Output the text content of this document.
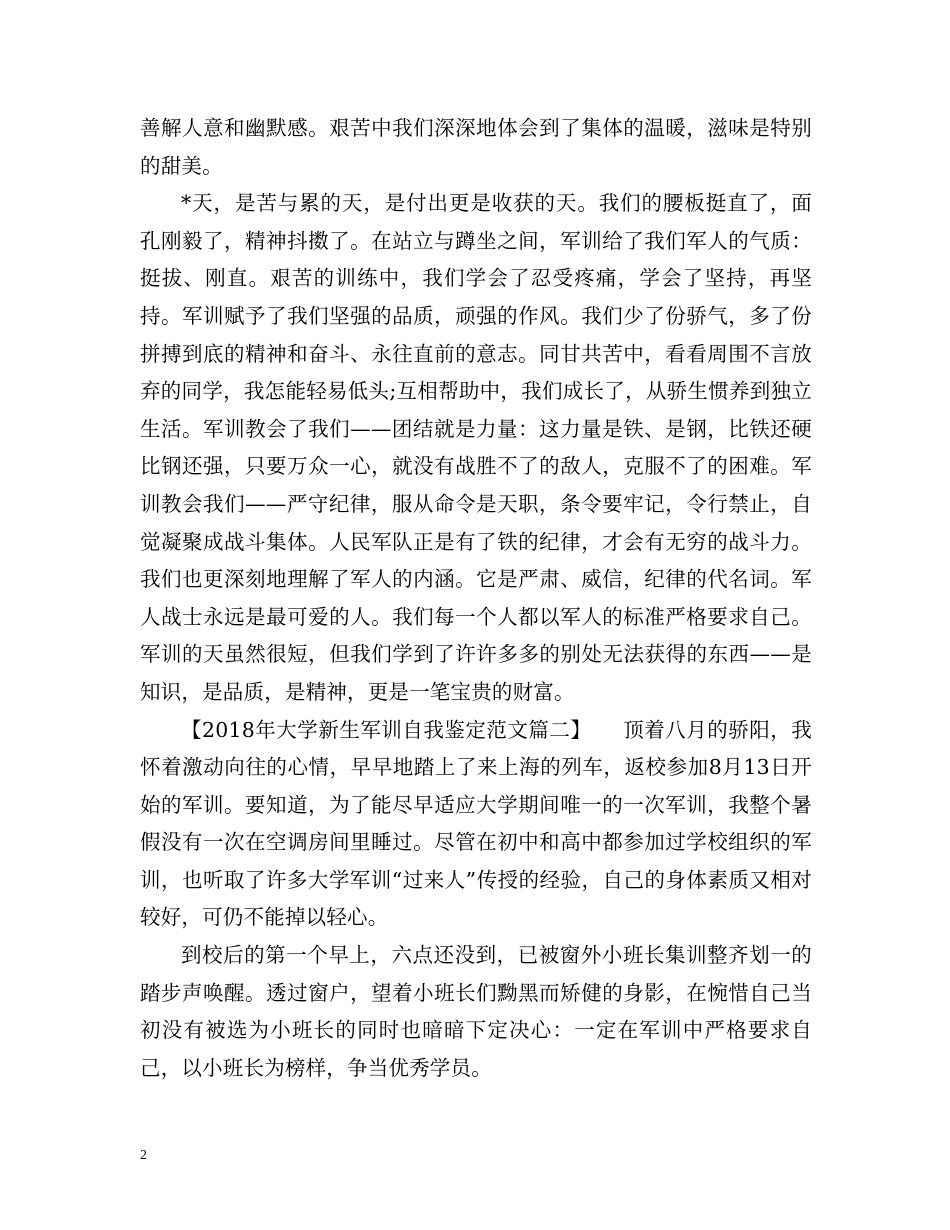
善解人意和幽默感。艰苦中我们深深地体会到了集体的温暖，滋味是特别的甜美。

*天，是苦与累的天，是付出更是收获的天。我们的腰板挺直了，面孔刚毅了，精神抖擞了。在站立与蹲坐之间，军训给了我们军人的气质：挺拔、刚直。艰苦的训练中，我们学会了忍受疼痛，学会了坚持，再坚持。军训赋予了我们坚强的品质，顽强的作风。我们少了份骄气，多了份拼搏到底的精神和奋斗、永往直前的意志。同甘共苦中，看看周围不言放弃的同学，我怎能轻易低头;互相帮助中，我们成长了，从骄生惯养到独立生活。军训教会了我们——团结就是力量：这力量是铁、是钢，比铁还硬比钢还强，只要万众一心，就没有战胜不了的敌人，克服不了的困难。军训教会我们——严守纪律，服从命令是天职，条令要牢记，令行禁止，自觉凝聚成战斗集体。人民军队正是有了铁的纪律，才会有无穷的战斗力。我们也更深刻地理解了军人的内涵。它是严肃、威信，纪律的代名词。军人战士永远是最可爱的人。我们每一个人都以军人的标准严格要求自己。军训的天虽然很短，但我们学到了许许多多的别处无法获得的东西——是知识，是品质，是精神，更是一笔宝贵的财富。

【2018年大学新生军训自我鉴定范文篇二】　　 顶着八月的骄阳，我怀着激动向往的心情，早早地踏上了来上海的列车，返校参加8月13日开始的军训。要知道，为了能尽早适应大学期间唯一的一次军训，我整个暑假没有一次在空调房间里睡过。尽管在初中和高中都参加过学校组织的军训，也听取了许多大学军训“过来人”传授的经验，自己的身体素质又相对较好，可仍不能掉以轻心。

到校后的第一个早上，六点还没到，已被窗外小班长集训整齐划一的踏步声唤醒。透过窗户，望着小班长们黝黑而矫健的身影，在惋惜自己当初没有被选为小班长的同时也暗暗下定决心：一定在军训中严格要求自己，以小班长为榜样，争当优秀学员。

2
